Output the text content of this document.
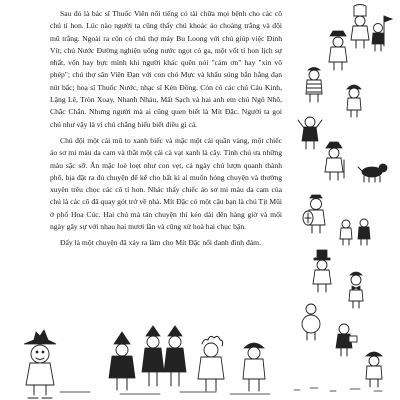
Sau đó là bác sĩ Thuốc Viên nổi tiếng có tài chữa mọi bệnh cho các cô chú tí hon. Lúc nào người ta cũng thấy chú khoác áo choàng trắng và đội mũ trắng. Ngoài ra còn có chú thợ máy Bu Loong với chú giúp việc Đinh Vít; chú Nước Đường nghiện uống nước ngọt có ga, một vốt tí hon lịch sự nhất, vốn hay bực mình khi người khác quên nói "cảm ơn" hay "xin vô phép"; chú thợ săn Viên Đạn với con chó Mực và khẩu súng bắn hằng đạn nút bấc; hoạ sĩ Thuốc Nước, nhạc sĩ Kèn Đồng. Còn có các chú Cáu Kỉnh, Lặng Lẽ, Tròn Xoay, Nhanh Nhảu, Mất Sạch và hai anh em chú Ngô Nhõ, Chắc Chắn. Nhưng người mà ai cũng quen biết là Mít Đặc. Người ta gọi chú như vậy là vì chú chẳng hiểu biết điều gì cả.

Chú đội một cái mũ to xanh biếc và mặc một cái quần vàng, một chiếc áo sơ mi màu da cam và thắt một cái cà vạt xanh lá cây. Tính chú ưa những màu sặc sỡ. Ăn mặc loè loẹt như con vẹt, cả ngày chú lượn quanh thành phố, bịa đặt ra đủ chuyện để kể cho bất kì ai muốn hóng chuyện và thường xuyên trêu chọc các cô tí hon. Nhác thấy chiếc áo sơ mi màu da cam của chú là các cô đã quay gót trở về nhà. Mít Đặc có một cậu bạn là chú Tịt Mũi ở phố Hoa Cúc. Hai chú mà tán chuyện thì kéo dài đến hàng giờ và mổi ngày gây sự với nhau hai mươi lần và cũng xử hoà hai chục bận.

Đấy là một chuyện đã xảy ra làm cho Mít Đặc nổi danh đình đám.
